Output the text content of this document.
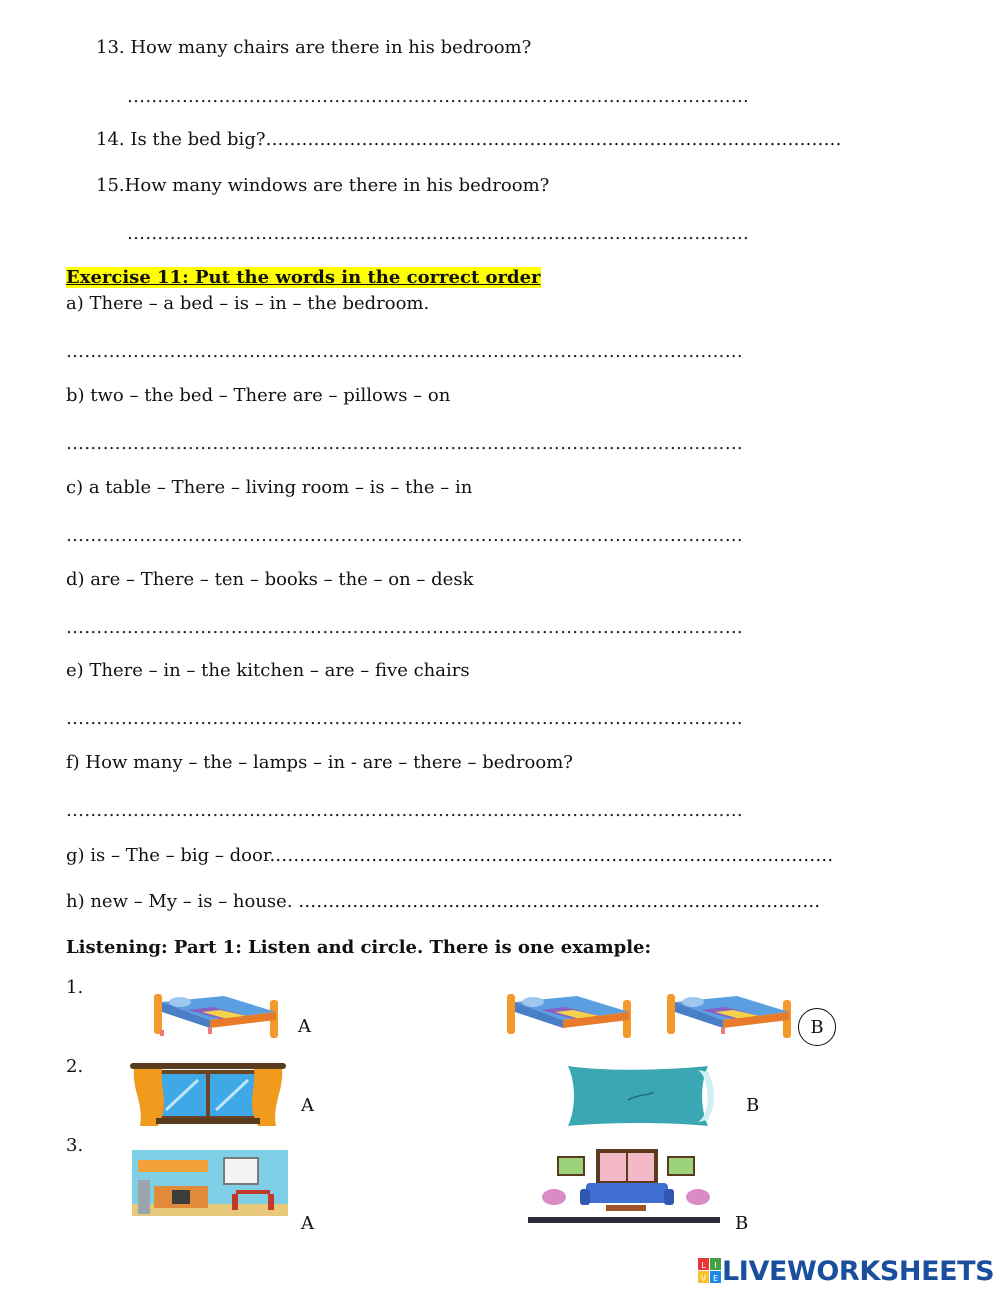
13. How many chairs are there in his bedroom?
…………………………………………………………………………………………
14. Is the bed big?……………………………………………………………………………………
15.How many windows are there in his bedroom?
…………………………………………………………………………………………
Exercise 11: Put the words in the correct order
a) There – a bed – is – in – the bedroom.
…………………………………………………………………………………………………
b) two – the bed – There are – pillows – on
…………………………………………………………………………………………………
c) a table – There – living room – is – the – in
…………………………………………………………………………………………………
d) are – There – ten – books – the – on – desk
…………………………………………………………………………………………………
e) There – in – the kitchen – are – five chairs
…………………………………………………………………………………………………
f) How many – the – lamps – in - are – there – bedroom?
…………………………………………………………………………………………………
g) is – The – big – door.…………………………………………………………………………………
h) new – My – is – house. ……………………………………………………………………………
Listening: Part 1: Listen and circle. There is one example:
1.
A	B
2.
A	B
3.
A	B
L I
V E LIVEWORKSHEETS
